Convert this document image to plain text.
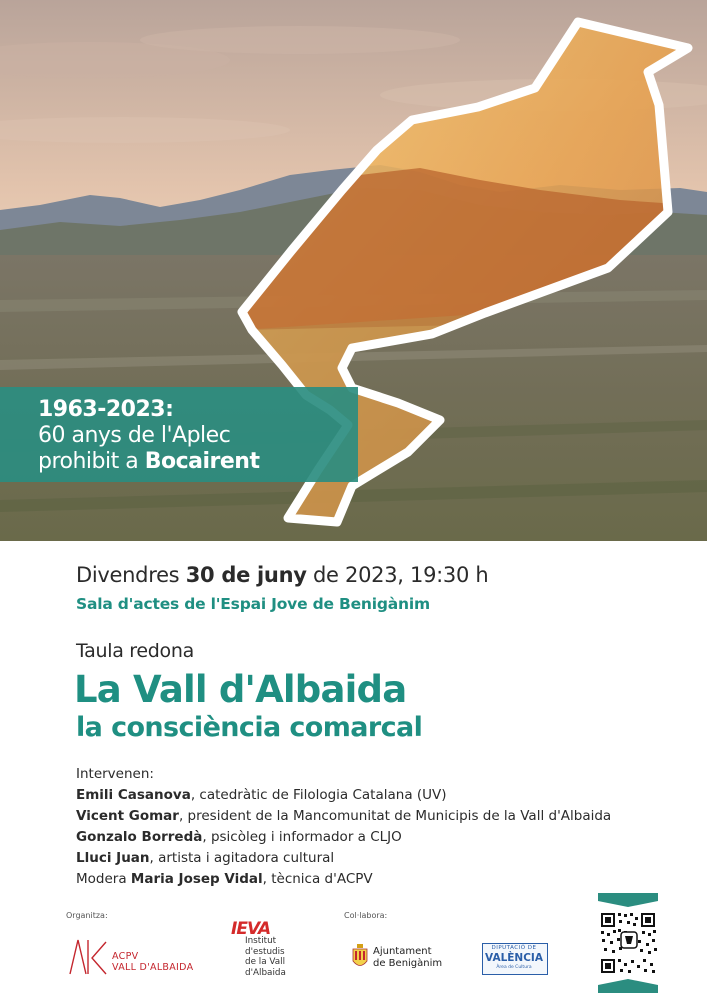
1963-2023:
60 anys de l'Aplec
prohibit a Bocairent
Divendres 30 de juny de 2023, 19:30 h
Sala d'actes de l'Espai Jove de Benigànim
Taula redona
La Vall d'Albaida
la consciència comarcal
Intervenen:
Emili Casanova, catedràtic de Filologia Catalana (UV)
Vicent Gomar, president de la Mancomunitat de Municipis de la Vall d'Albaida
Gonzalo Borredà, psicòleg i informador a CLJO
Lluci Juan, artista i agitadora cultural
Modera Maria Josep Vidal, tècnica d'ACPV
Organitza:	Col·labora:
ACPV
VALL D'ALBAIDA
IEVA
Institut
d'estudis
de la Vall
d'Albaida
Ajuntament
de Benigànim
DIPUTACIÓ DE
VALÈNCIA
Àrea de Cultura
